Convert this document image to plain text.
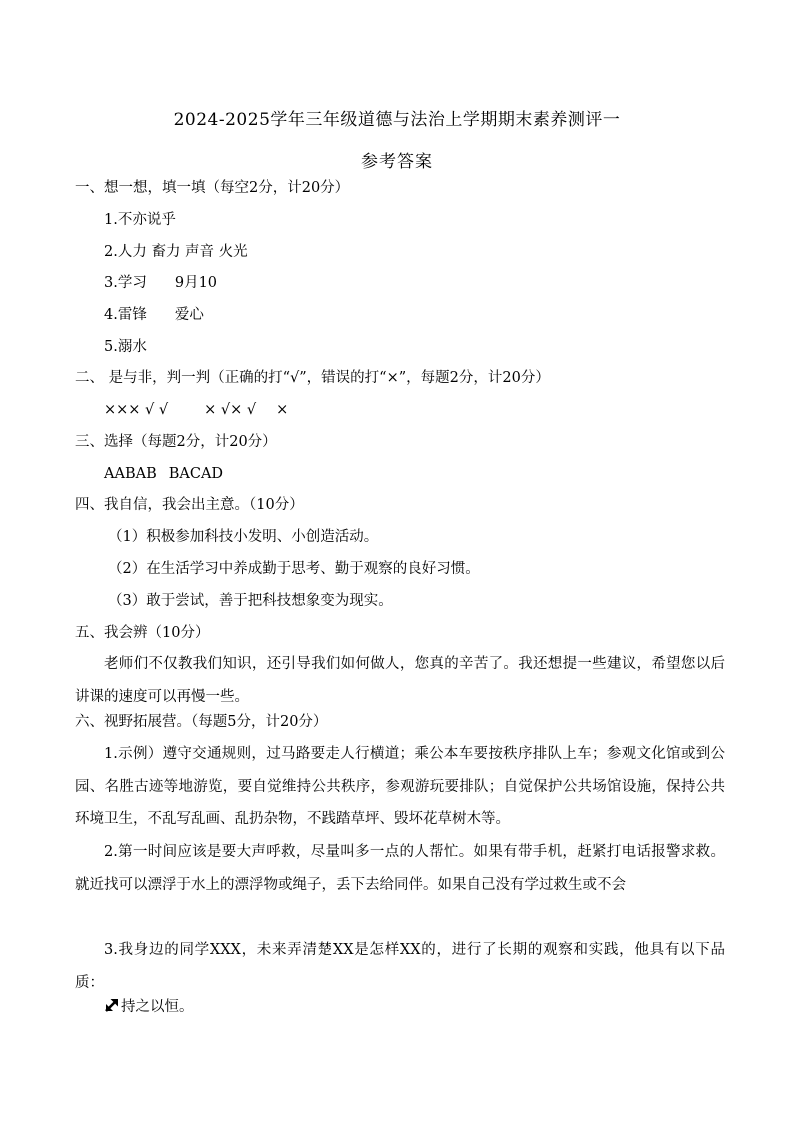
2024-2025学年三年级道德与法治上学期期末素养测评一
参考答案
一、想一想，填一填（每空2分，计20分）
1.不亦说乎
2.人力 畜力 声音 火光
3.学习 9月10
4.雷锋 爱心
5.溺水
二、 是与非，判一判（正确的打“√”，错误的打“×”，每题2分，计20分）
××× √ √ × √× √ ×
三、选择（每题2分，计20分）
AABAB BACAD
四、我自信，我会出主意。（10分）
（1）积极参加科技小发明、小创造活动。
（2）在生活学习中养成勤于思考、勤于观察的良好习惯。
（3）敢于尝试，善于把科技想象变为现实。
五、我会辨（10分）
老师们不仅教我们知识，还引导我们如何做人，您真的辛苦了。我还想提一些建议，希望您以后讲课的速度可以再慢一些。
六、视野拓展营。（每题5分，计20分）
1.示例）遵守交通规则，过马路要走人行横道；乘公本车要按秩序排队上车；参观文化馆或到公园、名胜古迹等地游览，要自觉维持公共秩序，参观游玩要排队；自觉保护公共场馆设施，保持公共环境卫生，不乱写乱画、乱扔杂物，不践踏草坪、毁坏花草树木等。
2.第一时间应该是要大声呼救，尽量叫多一点的人帮忙。如果有带手机，赶紧打电话报警求救。就近找可以漂浮于水上的漂浮物或绳子，丢下去给同伴。如果自己没有学过救生或不会
3.我身边的同学XXX，未来弄清楚XX是怎样XX的，进行了长期的观察和实践，他具有以下品质：
持之以恒。
